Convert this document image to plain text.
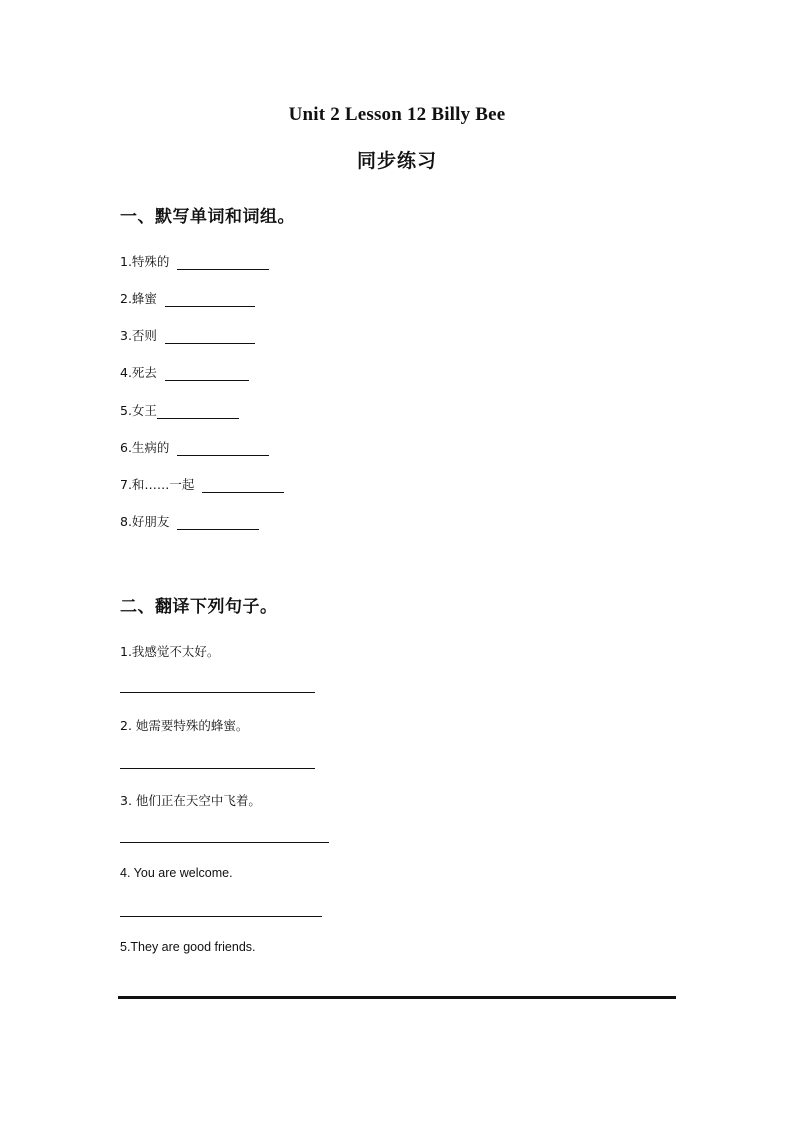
Unit 2 Lesson 12 Billy Bee
同步练习
一、默写单词和词组。
1.特殊的
2.蜂蜜
3.否则
4.死去
5.女王
6.生病的
7.和……一起
8.好朋友
二、翻译下列句子。
1.我感觉不太好。
2. 她需要特殊的蜂蜜。
3. 他们正在天空中飞着。
4. You are welcome.
5.They are good friends.
